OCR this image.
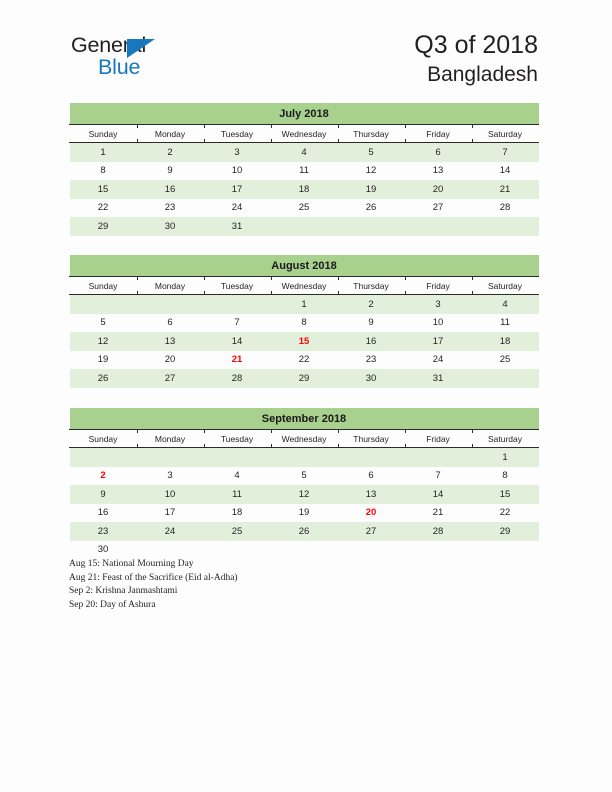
General
Blue
Q3 of 2018
Bangladesh
July 2018						
Sunday	Monday	Tuesday	Wednesday	Thursday	Friday	Saturday
1	2	3	4	5	6	7
8	9	10	11	12	13	14
15	16	17	18	19	20	21
22	23	24	25	26	27	28
29	30	31				
August 2018						
Sunday	Monday	Tuesday	Wednesday	Thursday	Friday	Saturday
			1	2	3	4
5	6	7	8	9	10	11
12	13	14	15	16	17	18
19	20	21	22	23	24	25
26	27	28	29	30	31	
September 2018						
Sunday	Monday	Tuesday	Wednesday	Thursday	Friday	Saturday
						1
2	3	4	5	6	7	8
9	10	11	12	13	14	15
16	17	18	19	20	21	22
23	24	25	26	27	28	29
30						
Aug 15: National Mourning Day
Aug 21: Feast of the Sacrifice (Eid al-Adha)
Sep 2: Krishna Janmashtami
Sep 20: Day of Ashura
